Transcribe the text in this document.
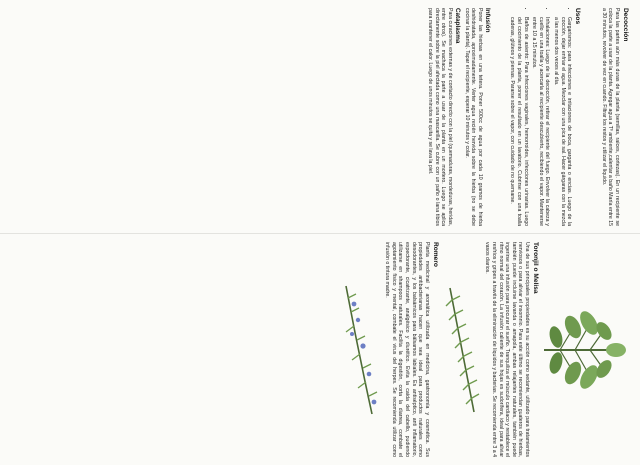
Decocción

Para las partes aún más duras de la planta (semillas, raíces, cortezas). En un recipiente se coloca la parte a usar de la planta. Agregar agua a Tº ambiente,calentar a baño María entre 15 a 30 minutos, revolver de vez en cuando. Filtrar los restos y utilizar el líquido.

Usos
• Gargarismos: para infecciones e irritaciones de boca, garganta o encías. Luego de la cocción, dejar enfriar el agua. Mezclar con una pica de sal. Hacer gárgaras con la mezcla a las menos dos veces al día.
• Inhalaciones: Luego de la decocción, retirar el recipiente del fuego. Envolver la cabeza y cuello en una toalla y acercarla al recipiente descubierto, recibiendo el vapor. Mantenerse entre 10 a 15 minutos.
• Baños de asiento: Para infecciones vaginales, hemorroides, infecciones urinarias. Luego del cocimiento de la planta, poner el resultado en un lavatorio. Cubrirse con una toalla caderas, glúteos y piernas. Pararse sobre el vapor, con cuidado de no quemarse.
Infusión

Poner las hierbas en una tetera. Poner 500cc de agua por cada 10 gramos de hierba deshidratada, aproximadamente. Verter agua recién hervida sobre la hierba (no se debe cocinar la planta). Tapar el recipiente, esperar 10 minutos y colar.

Cataplasma

Para curaciones externas y de contacto directo con la piel (quemaduras, mordeduras, heridas, entre otros). Se machaca la parte a usar de la planta en un mortero. Luego se aplica directamente sobre la piel afectada como una mascarilla. Se cubre con un paño o lana tibios para mantener el calor. Luego de unos minutos se quita y se lava la piel.

Toronjil o Melisa

Una de sus principales propiedades es su acción como sedante, utilizado para tratamientos nerviosos o para aliviar el insomnio. Para este último se recomiendan guateros de hierbas, también puede incluirse lavanda o amapola, ambas relajantes naturales, también puede ingerirse una infusión para procurar el sueño. Tranquiliza el músculo cardíaco y restablece el ritmo normal del corazón. La infusión caliente de sus hojas es sudorífera, ideal para aliviar resfríos y gripes a través de la eliminación de líquidos y bacterias. Se recomienda entre 3 a 4 vasos diarios.

Romero

Planta medicinal y aromática utilizada en medicina, gastronomía y cosmética. Sus propiedades antibacterianas hacen que sea ideal para productos naturales como desodorantes, y los balsámicos para bálsamos labiales. Es antiséptico, anti inflamatorio, expectorante, cicatrizante, analgésico y diurético. Evita la caída del cabello, pudiendo utilizarse en shampoos naturales. Facilita la digestión, corta la diarrea, combate el agotamiento físico y mental, combate el virus del herpes. Se recomienda utilizar como infusión o tintura madre.
